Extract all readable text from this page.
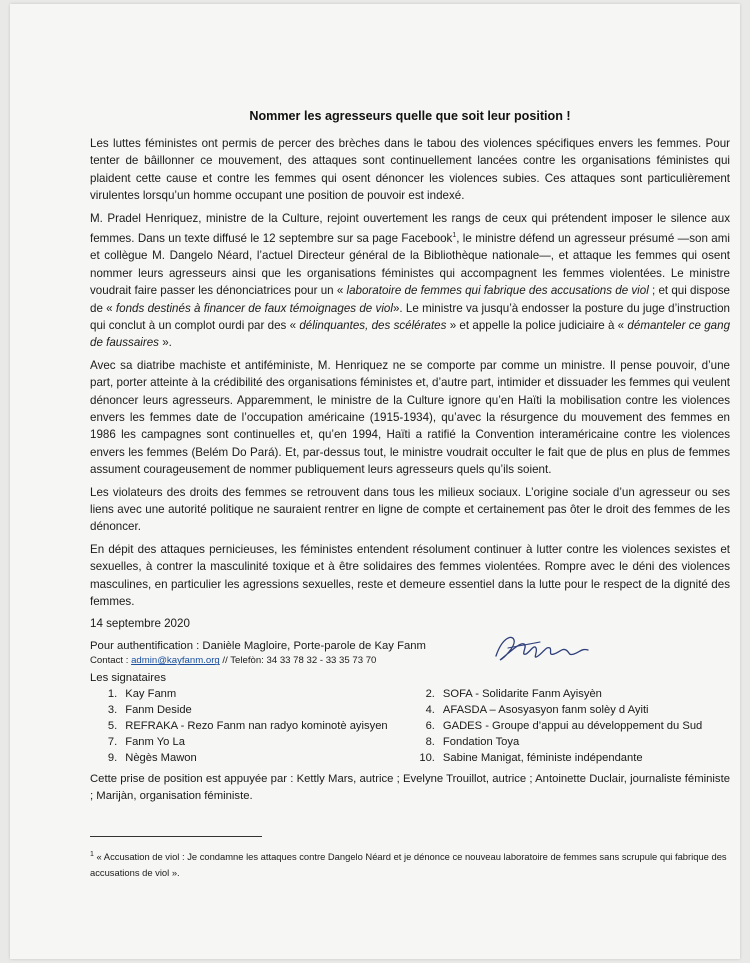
Nommer les agresseurs quelle que soit leur position !

Les luttes féministes ont permis de percer des brèches dans le tabou des violences spécifiques envers les femmes. Pour tenter de bâillonner ce mouvement, des attaques sont continuellement lancées contre les organisations féministes qui plaident cette cause et contre les femmes qui osent dénoncer les violences subies. Ces attaques sont particulièrement virulentes lorsqu’un homme occupant une position de pouvoir est indexé.

M. Pradel Henriquez, ministre de la Culture, rejoint ouvertement les rangs de ceux qui prétendent imposer le silence aux femmes. Dans un texte diffusé le 12 septembre sur sa page Facebook$^1$, le ministre défend un agresseur présumé —son ami et collègue M. Dangelo Néard, l’actuel Directeur général de la Bibliothèque nationale—, et attaque les femmes qui osent nommer leurs agresseurs ainsi que les organisations féministes qui accompagnent les femmes violentées. Le ministre voudrait faire passer les dénonciatrices pour un « laboratoire de femmes qui fabrique des accusations de viol ; et qui dispose de « fonds destinés à financer de faux témoignages de viol». Le ministre va jusqu’à endosser la posture du juge d’instruction qui conclut à un complot ourdi par des « délinquantes, des scélérates » et appelle la police judiciaire à « démanteler ce gang de faussaires ».

Avec sa diatribe machiste et antiféministe, M. Henriquez ne se comporte par comme un ministre. Il pense pouvoir, d’une part, porter atteinte à la crédibilité des organisations féministes et, d’autre part, intimider et dissuader les femmes qui veulent dénoncer leurs agresseurs. Apparemment, le ministre de la Culture ignore qu’en Haïti la mobilisation contre les violences envers les femmes date de l’occupation américaine (1915-1934), qu’avec la résurgence du mouvement des femmes en 1986 les campagnes sont continuelles et, qu’en 1994, Haïti a ratifié la Convention interaméricaine contre les violences envers les femmes (Belém Do Pará). Et, par-dessus tout, le ministre voudrait occulter le fait que de plus en plus de femmes assument courageusement de nommer publiquement leurs agresseurs quels qu’ils soient.

Les violateurs des droits des femmes se retrouvent dans tous les milieux sociaux. L’origine sociale d’un agresseur ou ses liens avec une autorité politique ne sauraient rentrer en ligne de compte et certainement pas ôter le droit des femmes de les dénoncer.

En dépit des attaques pernicieuses, les féministes entendent résolument continuer à lutter contre les violences sexistes et sexuelles, à contrer la masculinité toxique et à être solidaires des femmes violentées. Rompre avec le déni des violences masculines, en particulier les agressions sexuelles, reste et demeure essentiel dans la lutte pour le respect de la dignité des femmes.

14 septembre 2020
Pour authentification : Danièle Magloire, Porte-parole de Kay Fanm
Contact : admin@kayfanm.org // Telefòn: 34 33 78 32 - 33 35 73 70
Les signataires
1.	Kay Fanm	2.	SOFA - Solidarite Fanm Ayisyèn
3.	Fanm Deside	4.	AFASDA – Asosyasyon fanm solèy d Ayiti
5.	REFRAKA - Rezo Fanm nan radyo kominotè ayisyen	6.	GADES - Groupe d’appui au développement du Sud
7.	Fanm Yo La	8.	Fondation Toya
9.	Nègès Mawon	10.	Sabine Manigat, féministe indépendante
Cette prise de position est appuyée par : Kettly Mars, autrice ; Evelyne Trouillot, autrice ; Antoinette Duclair, journaliste féministe ; Marijàn, organisation féministe.
$^1$ « Accusation de viol : Je condamne les attaques contre Dangelo Néard et je dénonce ce nouveau laboratoire de femmes sans scrupule qui fabrique des accusations de viol ».
